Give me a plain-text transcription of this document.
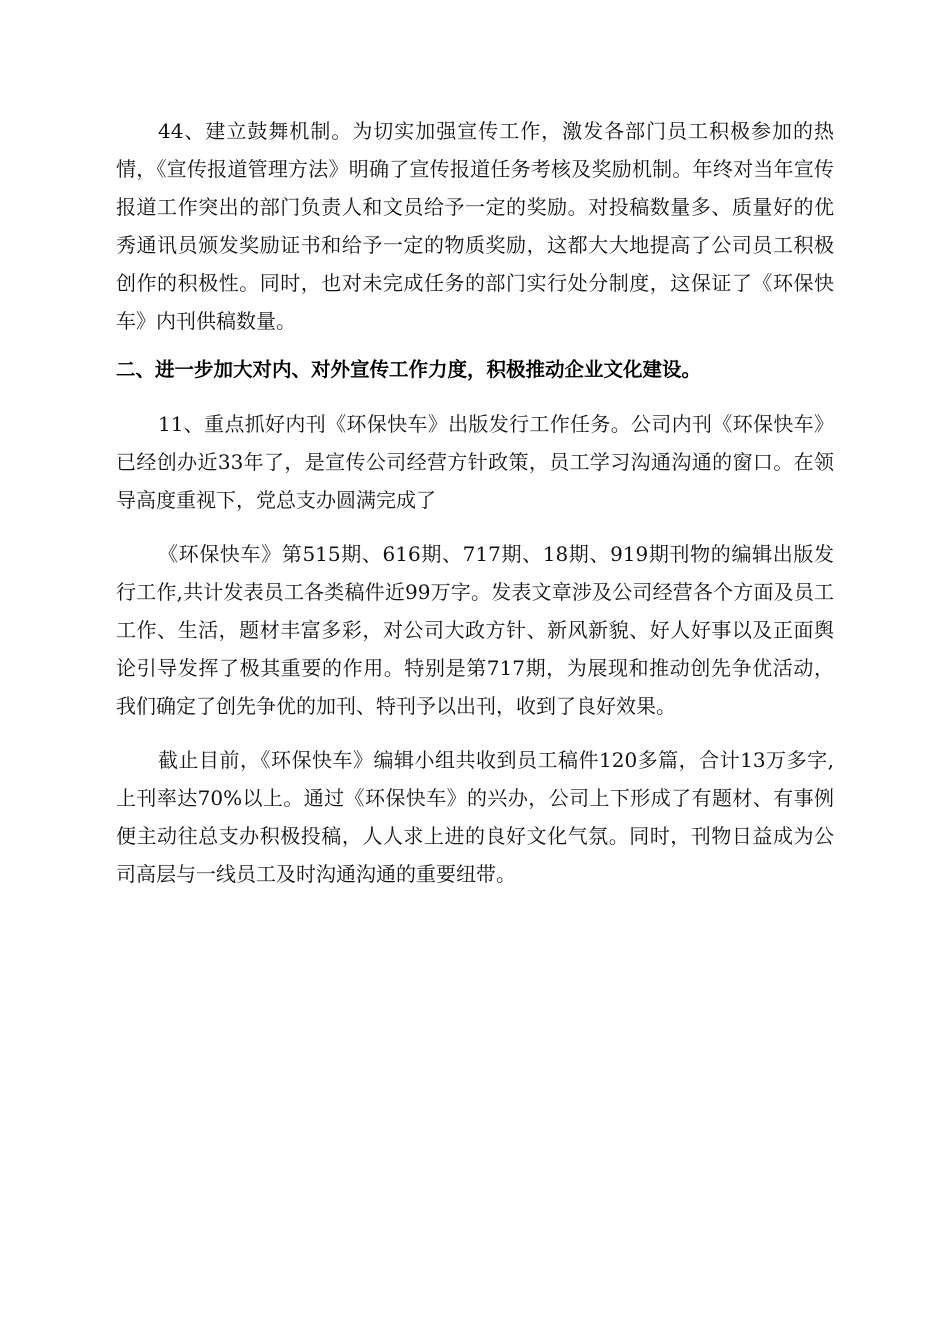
44、建立鼓舞机制。为切实加强宣传工作，激发各部门员工积极参加的热情，《宣传报道管理方法》明确了宣传报道任务考核及奖励机制。年终对当年宣传报道工作突出的部门负责人和文员给予一定的奖励。对投稿数量多、质量好的优秀通讯员颁发奖励证书和给予一定的物质奖励，这都大大地提高了公司员工积极创作的积极性。同时，也对未完成任务的部门实行处分制度，这保证了《环保快车》内刊供稿数量。

二、进一步加大对内、对外宣传工作力度，积极推动企业文化建设。

11、重点抓好内刊《环保快车》出版发行工作任务。公司内刊《环保快车》已经创办近33年了，是宣传公司经营方针政策，员工学习沟通沟通的窗口。在领导高度重视下，党总支办圆满完成了

《环保快车》第515期、616期、717期、18期、919期刊物的编辑出版发行工作,共计发表员工各类稿件近99万字。发表文章涉及公司经营各个方面及员工工作、生活，题材丰富多彩，对公司大政方针、新风新貌、好人好事以及正面舆论引导发挥了极其重要的作用。特别是第717期，为展现和推动创先争优活动，我们确定了创先争优的加刊、特刊予以出刊，收到了良好效果。

截止目前，《环保快车》编辑小组共收到员工稿件120多篇，合计13万多字,上刊率达70%以上。通过《环保快车》的兴办，公司上下形成了有题材、有事例便主动往总支办积极投稿，人人求上进的良好文化气氛。同时，刊物日益成为公司高层与一线员工及时沟通沟通的重要纽带。
